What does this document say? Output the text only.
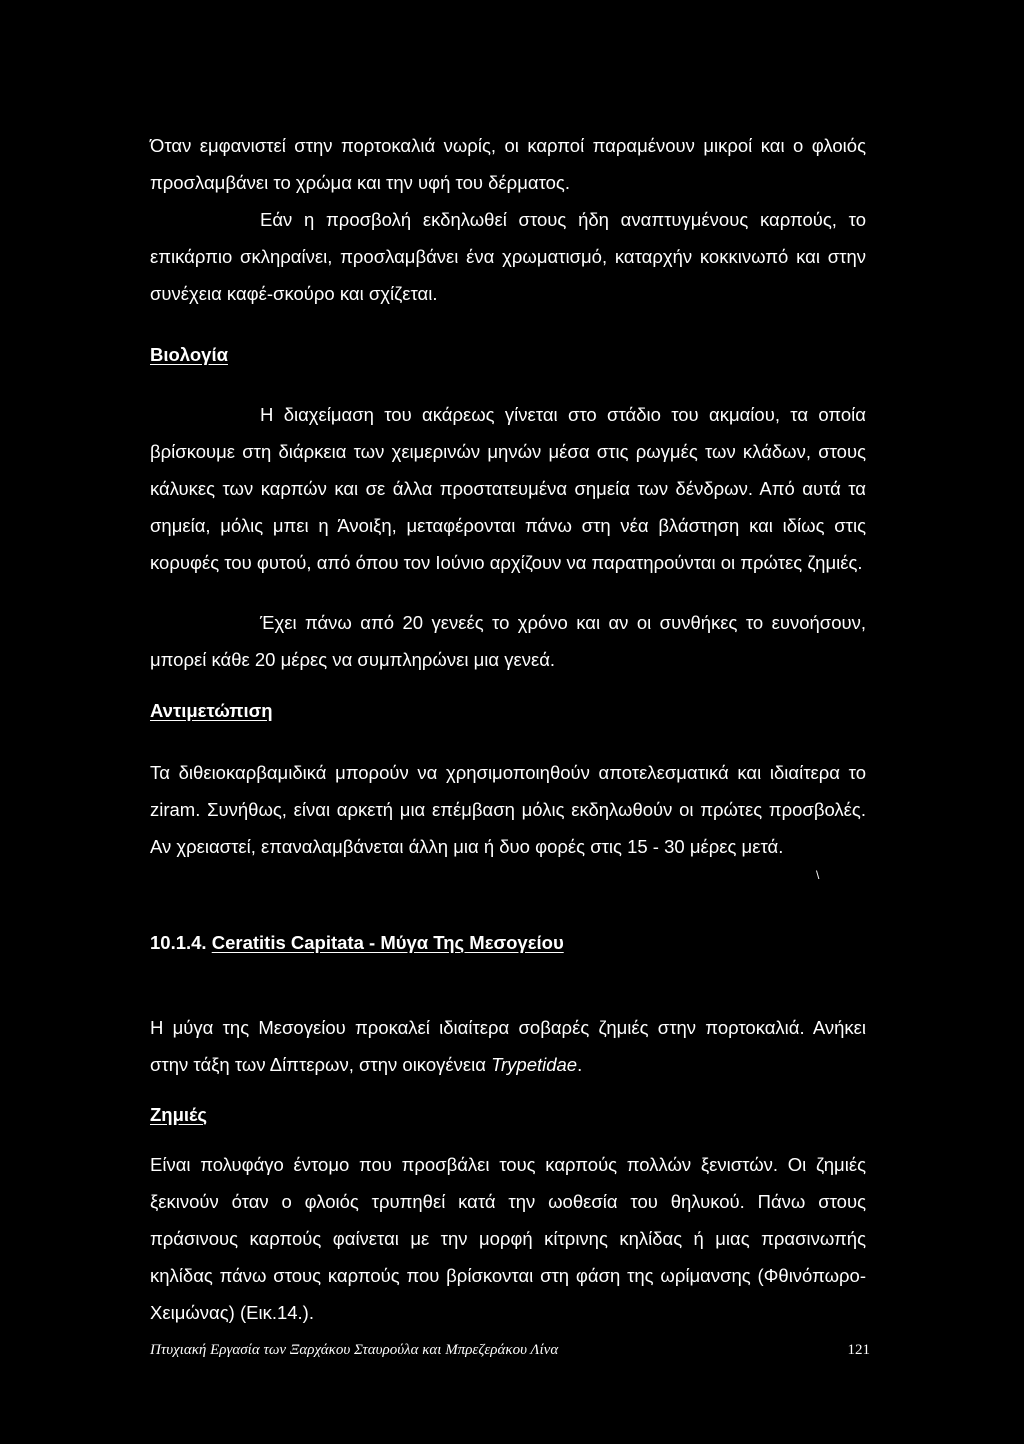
Όταν εμφανιστεί στην πορτοκαλιά νωρίς, οι καρποί παραμένουν μικροί και ο φλοιός προσλαμβάνει το χρώμα και την υφή του δέρματος.

Εάν η προσβολή εκδηλωθεί στους ήδη αναπτυγμένους καρπούς, το επικάρπιο σκληραίνει, προσλαμβάνει ένα χρωματισμό, καταρχήν κοκκινωπό και στην συνέχεια καφέ-σκούρο και σχίζεται.

Βιολογία

Η διαχείμαση του ακάρεως γίνεται στο στάδιο του ακμαίου, τα οποία βρίσκουμε στη διάρκεια των χειμερινών μηνών μέσα στις ρωγμές των κλάδων, στους κάλυκες των καρπών και σε άλλα προστατευμένα σημεία των δένδρων. Από αυτά τα σημεία, μόλις μπει η Άνοιξη, μεταφέρονται πάνω στη νέα βλάστηση και ιδίως στις κορυφές του φυτού, από όπου τον Ιούνιο αρχίζουν να παρατηρούνται οι πρώτες ζημιές.

Έχει πάνω από 20 γενεές το χρόνο και αν οι συνθήκες το ευνοήσουν, μπορεί κάθε 20 μέρες να συμπληρώνει μια γενεά.

Αντιμετώπιση

Τα διθειοκαρβαμιδικά μπορούν να χρησιμοποιηθούν αποτελεσματικά και ιδιαίτερα το ziram. Συνήθως, είναι αρκετή μια επέμβαση μόλις εκδηλωθούν οι πρώτες προσβολές. Αν χρειαστεί, επαναλαμβάνεται άλλη μια ή δυο φορές στις 15 - 30 μέρες μετά.

\
10.1.4. Ceratitis Capitata - Μύγα Της Μεσογείου

Η μύγα της Μεσογείου προκαλεί ιδιαίτερα σοβαρές ζημιές στην πορτοκαλιά. Ανήκει στην τάξη των Δίπτερων, στην οικογένεια Trypetidae.

Ζημιές

Είναι πολυφάγο έντομο που προσβάλει τους καρπούς πολλών ξενιστών. Οι ζημιές ξεκινούν όταν ο φλοιός τρυπηθεί κατά την ωοθεσία του θηλυκού. Πάνω στους πράσινους καρπούς φαίνεται με την μορφή κίτρινης κηλίδας ή μιας πρασινωπής κηλίδας πάνω στους καρπούς που βρίσκονται στη φάση της ωρίμανσης (Φθινόπωρο- Χειμώνας) (Εικ.14.).

Πτυχιακή Εργασία των Ξαρχάκου Σταυρούλα και Μπρεζεράκου Λίνα	121
